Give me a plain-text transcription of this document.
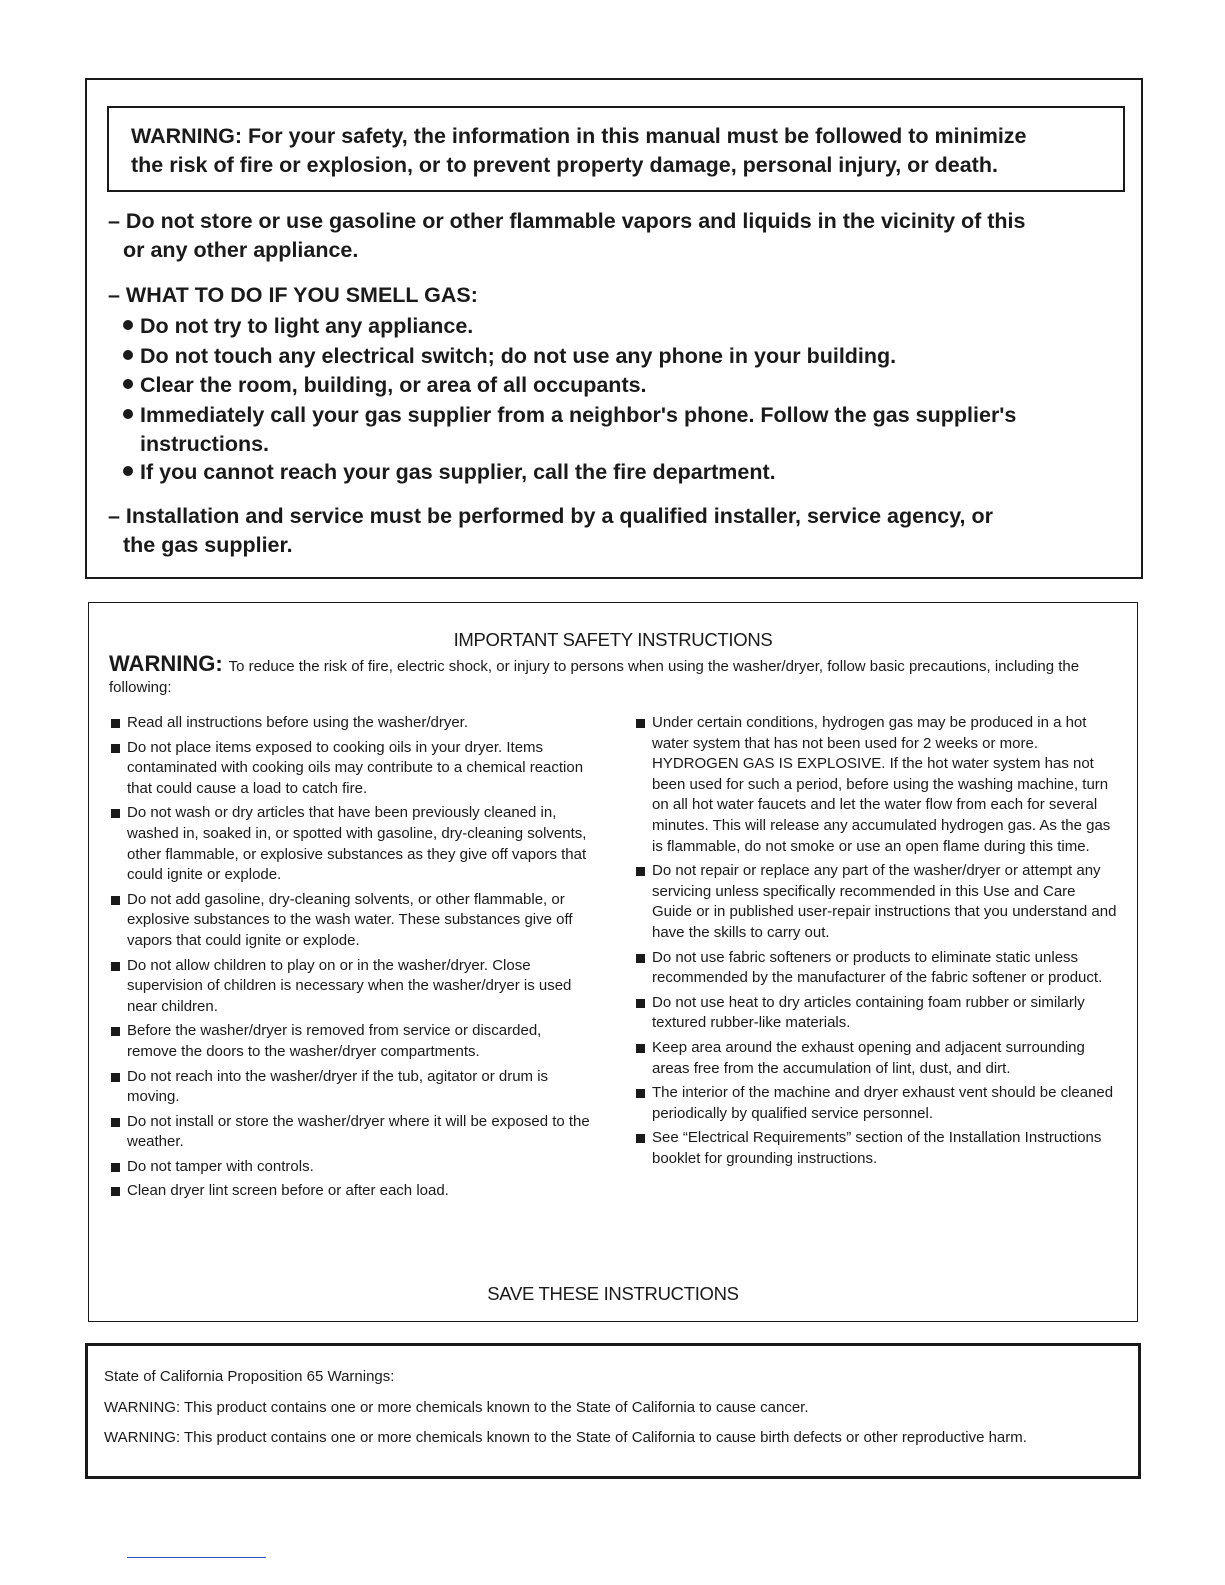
WARNING: For your safety, the information in this manual must be followed to minimize
the risk of fire or explosion, or to prevent property damage, personal injury, or death.
– Do not store or use gasoline or other flammable vapors and liquids in the vicinity of this
or any other appliance.
– WHAT TO DO IF YOU SMELL GAS:
Do not try to light any appliance.
Do not touch any electrical switch; do not use any phone in your building.
Clear the room, building, or area of all occupants.
Immediately call your gas supplier from a neighbor's phone. Follow the gas supplier's instructions.
If you cannot reach your gas supplier, call the fire department.
– Installation and service must be performed by a qualified installer, service agency, or
the gas supplier.
IMPORTANT SAFETY INSTRUCTIONS
WARNING: To reduce the risk of fire, electric shock, or injury to persons when using the washer/dryer, follow basic precautions, including the following:
Read all instructions before using the washer/dryer.
Do not place items exposed to cooking oils in your dryer. Items contaminated with cooking oils may contribute to a chemical reaction that could cause a load to catch fire.
Do not wash or dry articles that have been previously cleaned in, washed in, soaked in, or spotted with gasoline, dry-cleaning solvents, other flammable, or explosive substances as they give off vapors that could ignite or explode.
Do not add gasoline, dry-cleaning solvents, or other flammable, or explosive substances to the wash water. These substances give off vapors that could ignite or explode.
Do not allow children to play on or in the washer/dryer. Close supervision of children is necessary when the washer/dryer is used near children.
Before the washer/dryer is removed from service or discarded, remove the doors to the washer/dryer compartments.
Do not reach into the washer/dryer if the tub, agitator or drum is moving.
Do not install or store the washer/dryer where it will be exposed to the weather.
Do not tamper with controls.
Clean dryer lint screen before or after each load.
Under certain conditions, hydrogen gas may be produced in a hot water system that has not been used for 2 weeks or more. HYDROGEN GAS IS EXPLOSIVE. If the hot water system has not been used for such a period, before using the washing machine, turn on all hot water faucets and let the water flow from each for several minutes. This will release any accumulated hydrogen gas. As the gas is flammable, do not smoke or use an open flame during this time.
Do not repair or replace any part of the washer/dryer or attempt any servicing unless specifically recommended in this Use and Care Guide or in published user-repair instructions that you understand and have the skills to carry out.
Do not use fabric softeners or products to eliminate static unless recommended by the manufacturer of the fabric softener or product.
Do not use heat to dry articles containing foam rubber or similarly textured rubber-like materials.
Keep area around the exhaust opening and adjacent surrounding areas free from the accumulation of lint, dust, and dirt.
The interior of the machine and dryer exhaust vent should be cleaned periodically by qualified service personnel.
See “Electrical Requirements” section of the Installation Instructions booklet for grounding instructions.
SAVE THESE INSTRUCTIONS
State of California Proposition 65 Warnings:
WARNING: This product contains one or more chemicals known to the State of California to cause cancer.
WARNING: This product contains one or more chemicals known to the State of California to cause birth defects or other reproductive harm.
